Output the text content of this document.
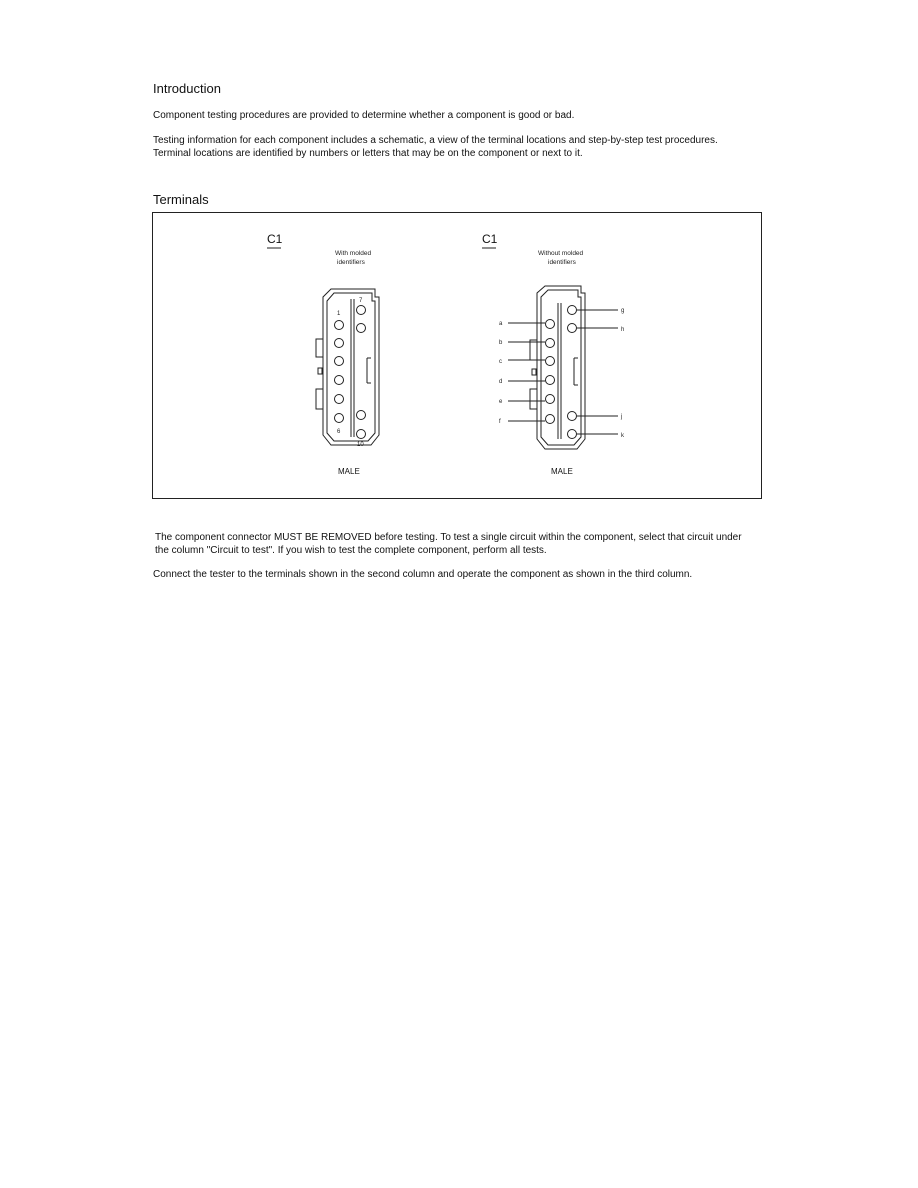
Introduction

Component testing procedures are provided to determine whether a component is good or bad.

Testing information for each component includes a schematic, a view of the terminal locations and step-by-step test procedures.
Terminal locations are identified by numbers or letters that may be on the component or next to it.

Terminals
C1
With molded
identifiers
1
6
7
10
MALE
C1
Without molded
identifiers
a
b
c
d
e
f
g
h
j
k
MALE

The component connector MUST BE REMOVED before testing. To test a single circuit within the component, select that circuit under
the column "Circuit to test". If you wish to test the complete component, perform all tests.

Connect the tester to the terminals shown in the second column and operate the component as shown in the third column.
